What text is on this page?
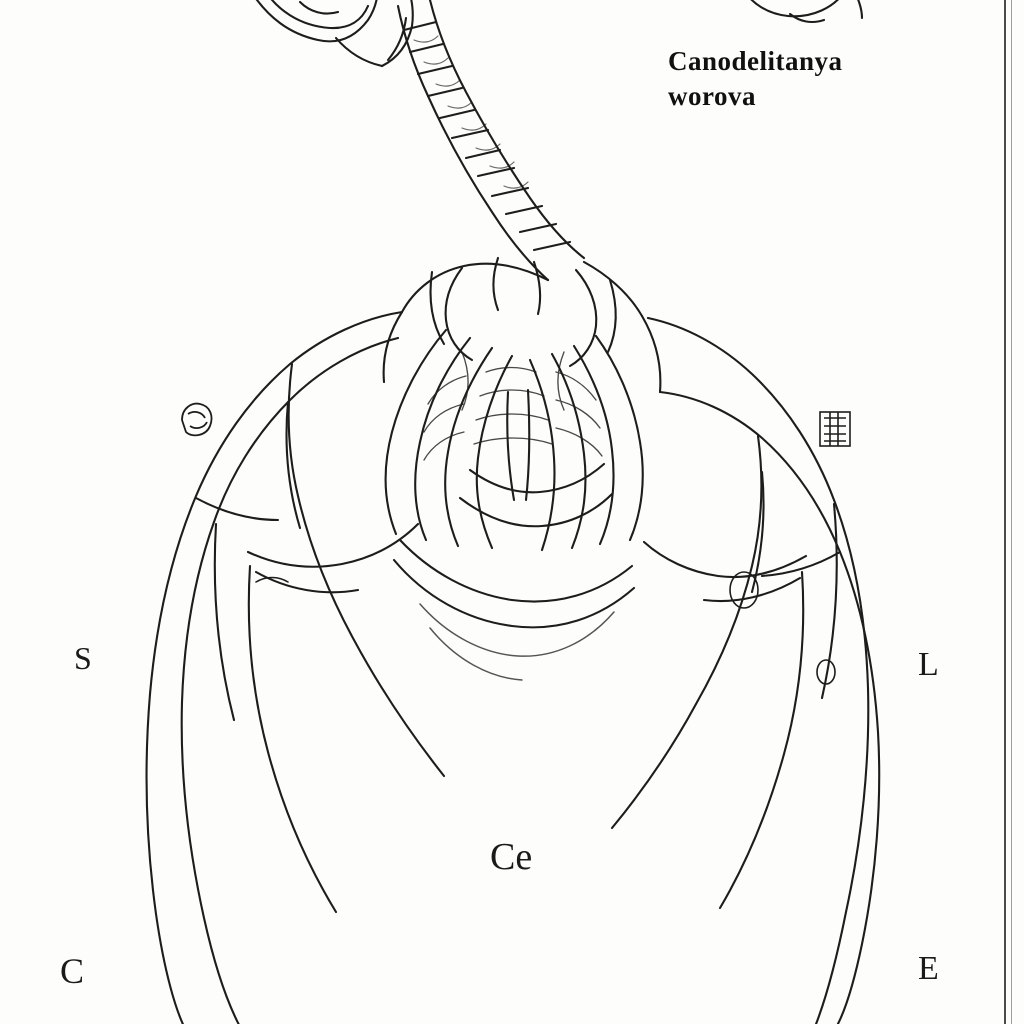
Canodelitanya
worova
S	L
Ce
C	E
